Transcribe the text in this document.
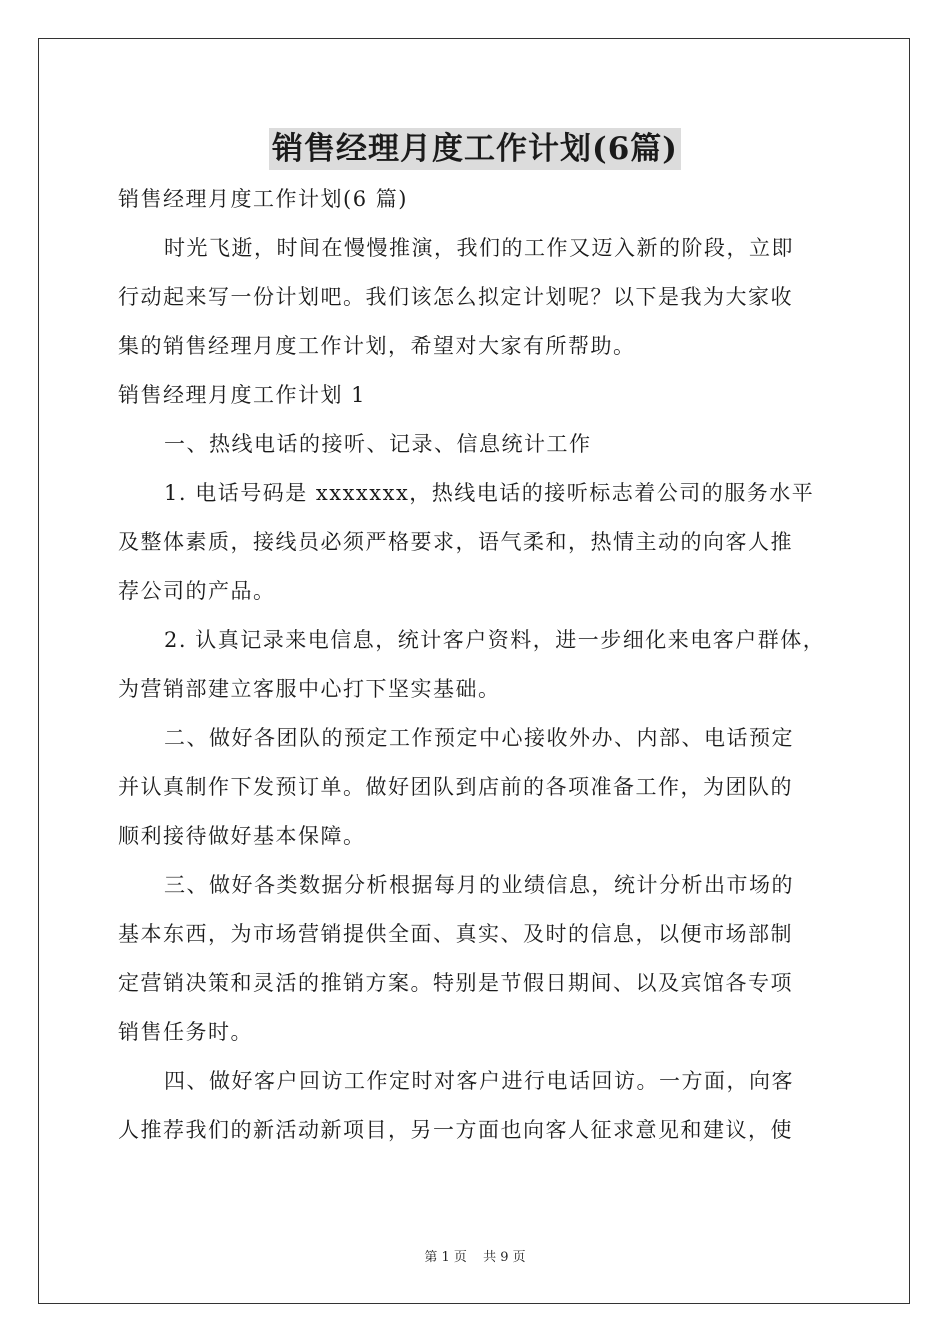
销售经理月度工作计划(6篇)
销售经理月度工作计划(6 篇)
时光飞逝，时间在慢慢推演，我们的工作又迈入新的阶段，立即
行动起来写一份计划吧。我们该怎么拟定计划呢？以下是我为大家收
集的销售经理月度工作计划，希望对大家有所帮助。
销售经理月度工作计划 1
一、热线电话的接听、记录、信息统计工作
1. 电话号码是 xxxxxxx，热线电话的接听标志着公司的服务水平
及整体素质，接线员必须严格要求，语气柔和，热情主动的向客人推
荐公司的产品。
2. 认真记录来电信息，统计客户资料，进一步细化来电客户群体，
为营销部建立客服中心打下坚实基础。
二、做好各团队的预定工作预定中心接收外办、内部、电话预定
并认真制作下发预订单。做好团队到店前的各项准备工作，为团队的
顺利接待做好基本保障。
三、做好各类数据分析根据每月的业绩信息，统计分析出市场的
基本东西，为市场营销提供全面、真实、及时的信息，以便市场部制
定营销决策和灵活的推销方案。特别是节假日期间、以及宾馆各专项
销售任务时。
四、做好客户回访工作定时对客户进行电话回访。一方面，向客
人推荐我们的新活动新项目，另一方面也向客人征求意见和建议，使
第 1 页 共 9 页
